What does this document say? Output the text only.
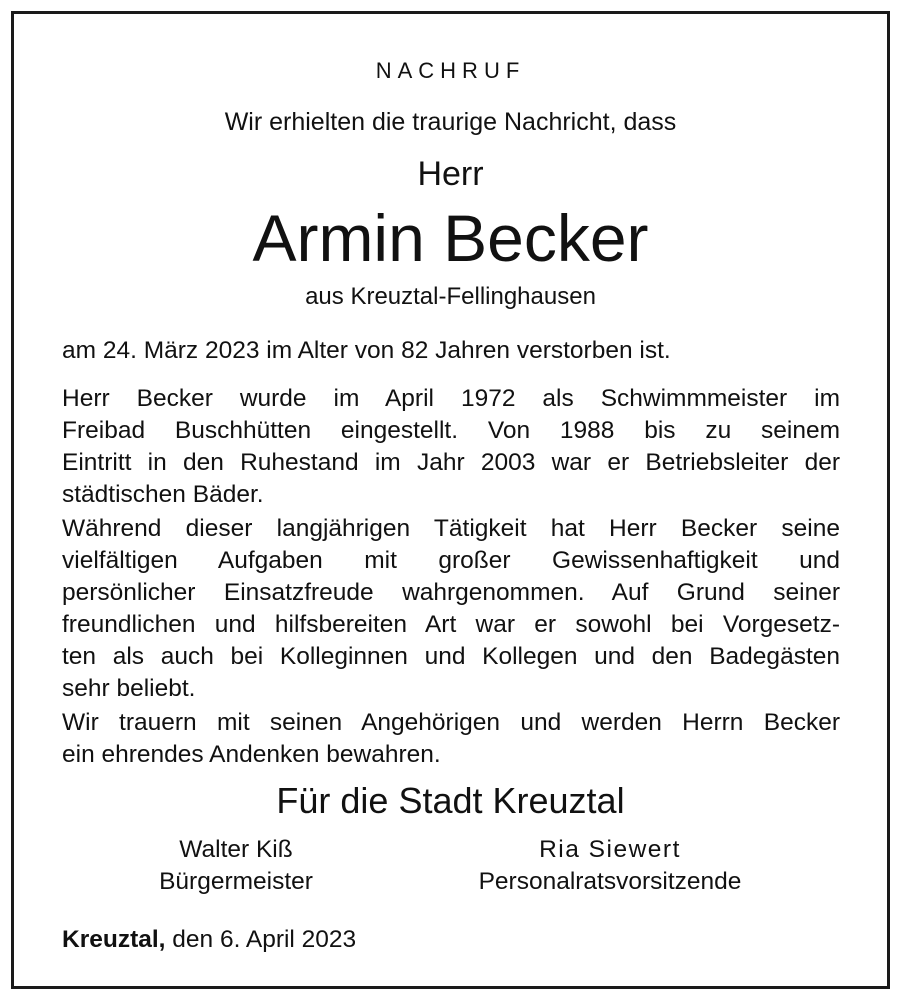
NACHRUF
Wir erhielten die traurige Nachricht, dass
Herr
Armin Becker
aus Kreuztal-Fellinghausen
am 24. März 2023 im Alter von 82 Jahren verstorben ist.
Herr Becker wurde im April 1972 als Schwimmmeister im
Freibad Buschhütten eingestellt. Von 1988 bis zu seinem
Eintritt in den Ruhestand im Jahr 2003 war er Betriebsleiter der
städtischen Bäder.
Während dieser langjährigen Tätigkeit hat Herr Becker seine
vielfältigen Aufgaben mit großer Gewissenhaftigkeit und
persönlicher Einsatzfreude wahrgenommen. Auf Grund seiner
freundlichen und hilfsbereiten Art war er sowohl bei Vorgesetz-
ten als auch bei Kolleginnen und Kollegen und den Badegästen
sehr beliebt.
Wir trauern mit seinen Angehörigen und werden Herrn Becker
ein ehrendes Andenken bewahren.
Für die Stadt Kreuztal
Walter Kiß
Bürgermeister
Ria Siewert
Personalratsvorsitzende
Kreuztal, den 6. April 2023
